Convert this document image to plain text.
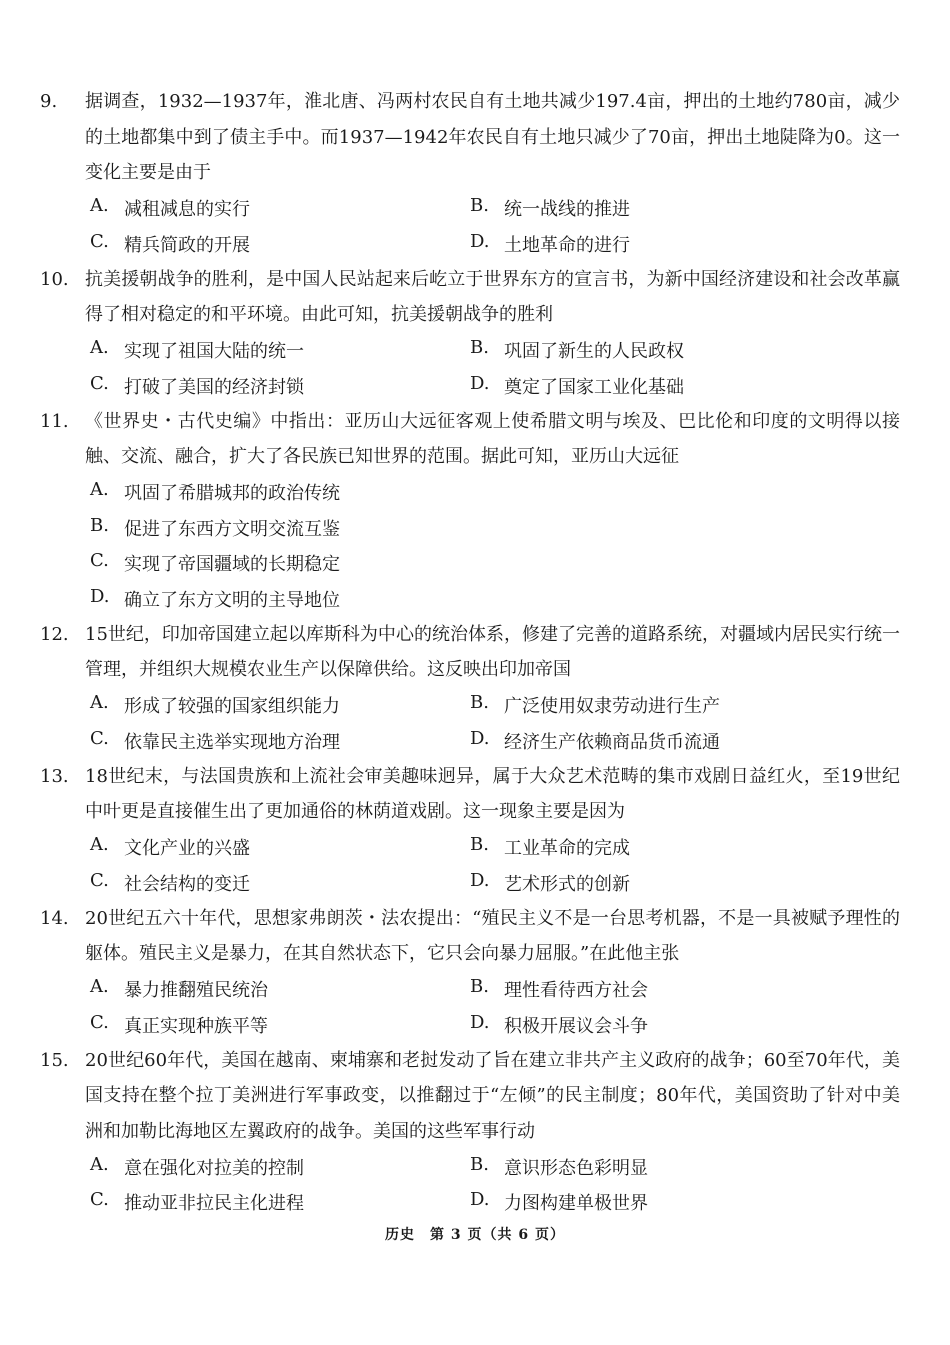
9. 据调查，1932—1937年，淮北唐、冯两村农民自有土地共减少197.4亩，押出的土地约780亩，减少的土地都集中到了债主手中。而1937—1942年农民自有土地只减少了70亩，押出土地陡降为0。这一变化主要是由于
A. 减租减息的实行	B. 统一战线的推进
C. 精兵简政的开展	D. 土地革命的进行
10. 抗美援朝战争的胜利，是中国人民站起来后屹立于世界东方的宣言书，为新中国经济建设和社会改革赢得了相对稳定的和平环境。由此可知，抗美援朝战争的胜利
A. 实现了祖国大陆的统一	B. 巩固了新生的人民政权
C. 打破了美国的经济封锁	D. 奠定了国家工业化基础
11. 《世界史・古代史编》中指出：亚历山大远征客观上使希腊文明与埃及、巴比伦和印度的文明得以接触、交流、融合，扩大了各民族已知世界的范围。据此可知，亚历山大远征
A. 巩固了希腊城邦的政治传统
B. 促进了东西方文明交流互鉴
C. 实现了帝国疆域的长期稳定
D. 确立了东方文明的主导地位
12. 15世纪，印加帝国建立起以库斯科为中心的统治体系，修建了完善的道路系统，对疆域内居民实行统一管理，并组织大规模农业生产以保障供给。这反映出印加帝国
A. 形成了较强的国家组织能力	B. 广泛使用奴隶劳动进行生产
C. 依靠民主选举实现地方治理	D. 经济生产依赖商品货币流通
13. 18世纪末，与法国贵族和上流社会审美趣味迥异，属于大众艺术范畴的集市戏剧日益红火，至19世纪中叶更是直接催生出了更加通俗的林荫道戏剧。这一现象主要是因为
A. 文化产业的兴盛	B. 工业革命的完成
C. 社会结构的变迁	D. 艺术形式的创新
14. 20世纪五六十年代，思想家弗朗茨・法农提出：“殖民主义不是一台思考机器，不是一具被赋予理性的躯体。殖民主义是暴力，在其自然状态下，它只会向暴力屈服。”在此他主张
A. 暴力推翻殖民统治	B. 理性看待西方社会
C. 真正实现种族平等	D. 积极开展议会斗争
15. 20世纪60年代，美国在越南、柬埔寨和老挝发动了旨在建立非共产主义政府的战争；60至70年代，美国支持在整个拉丁美洲进行军事政变，以推翻过于“左倾”的民主制度；80年代，美国资助了针对中美洲和加勒比海地区左翼政府的战争。美国的这些军事行动
A. 意在强化对拉美的控制	B. 意识形态色彩明显
C. 推动亚非拉民主化进程	D. 力图构建单极世界
历史　第 3 页（共 6 页）
